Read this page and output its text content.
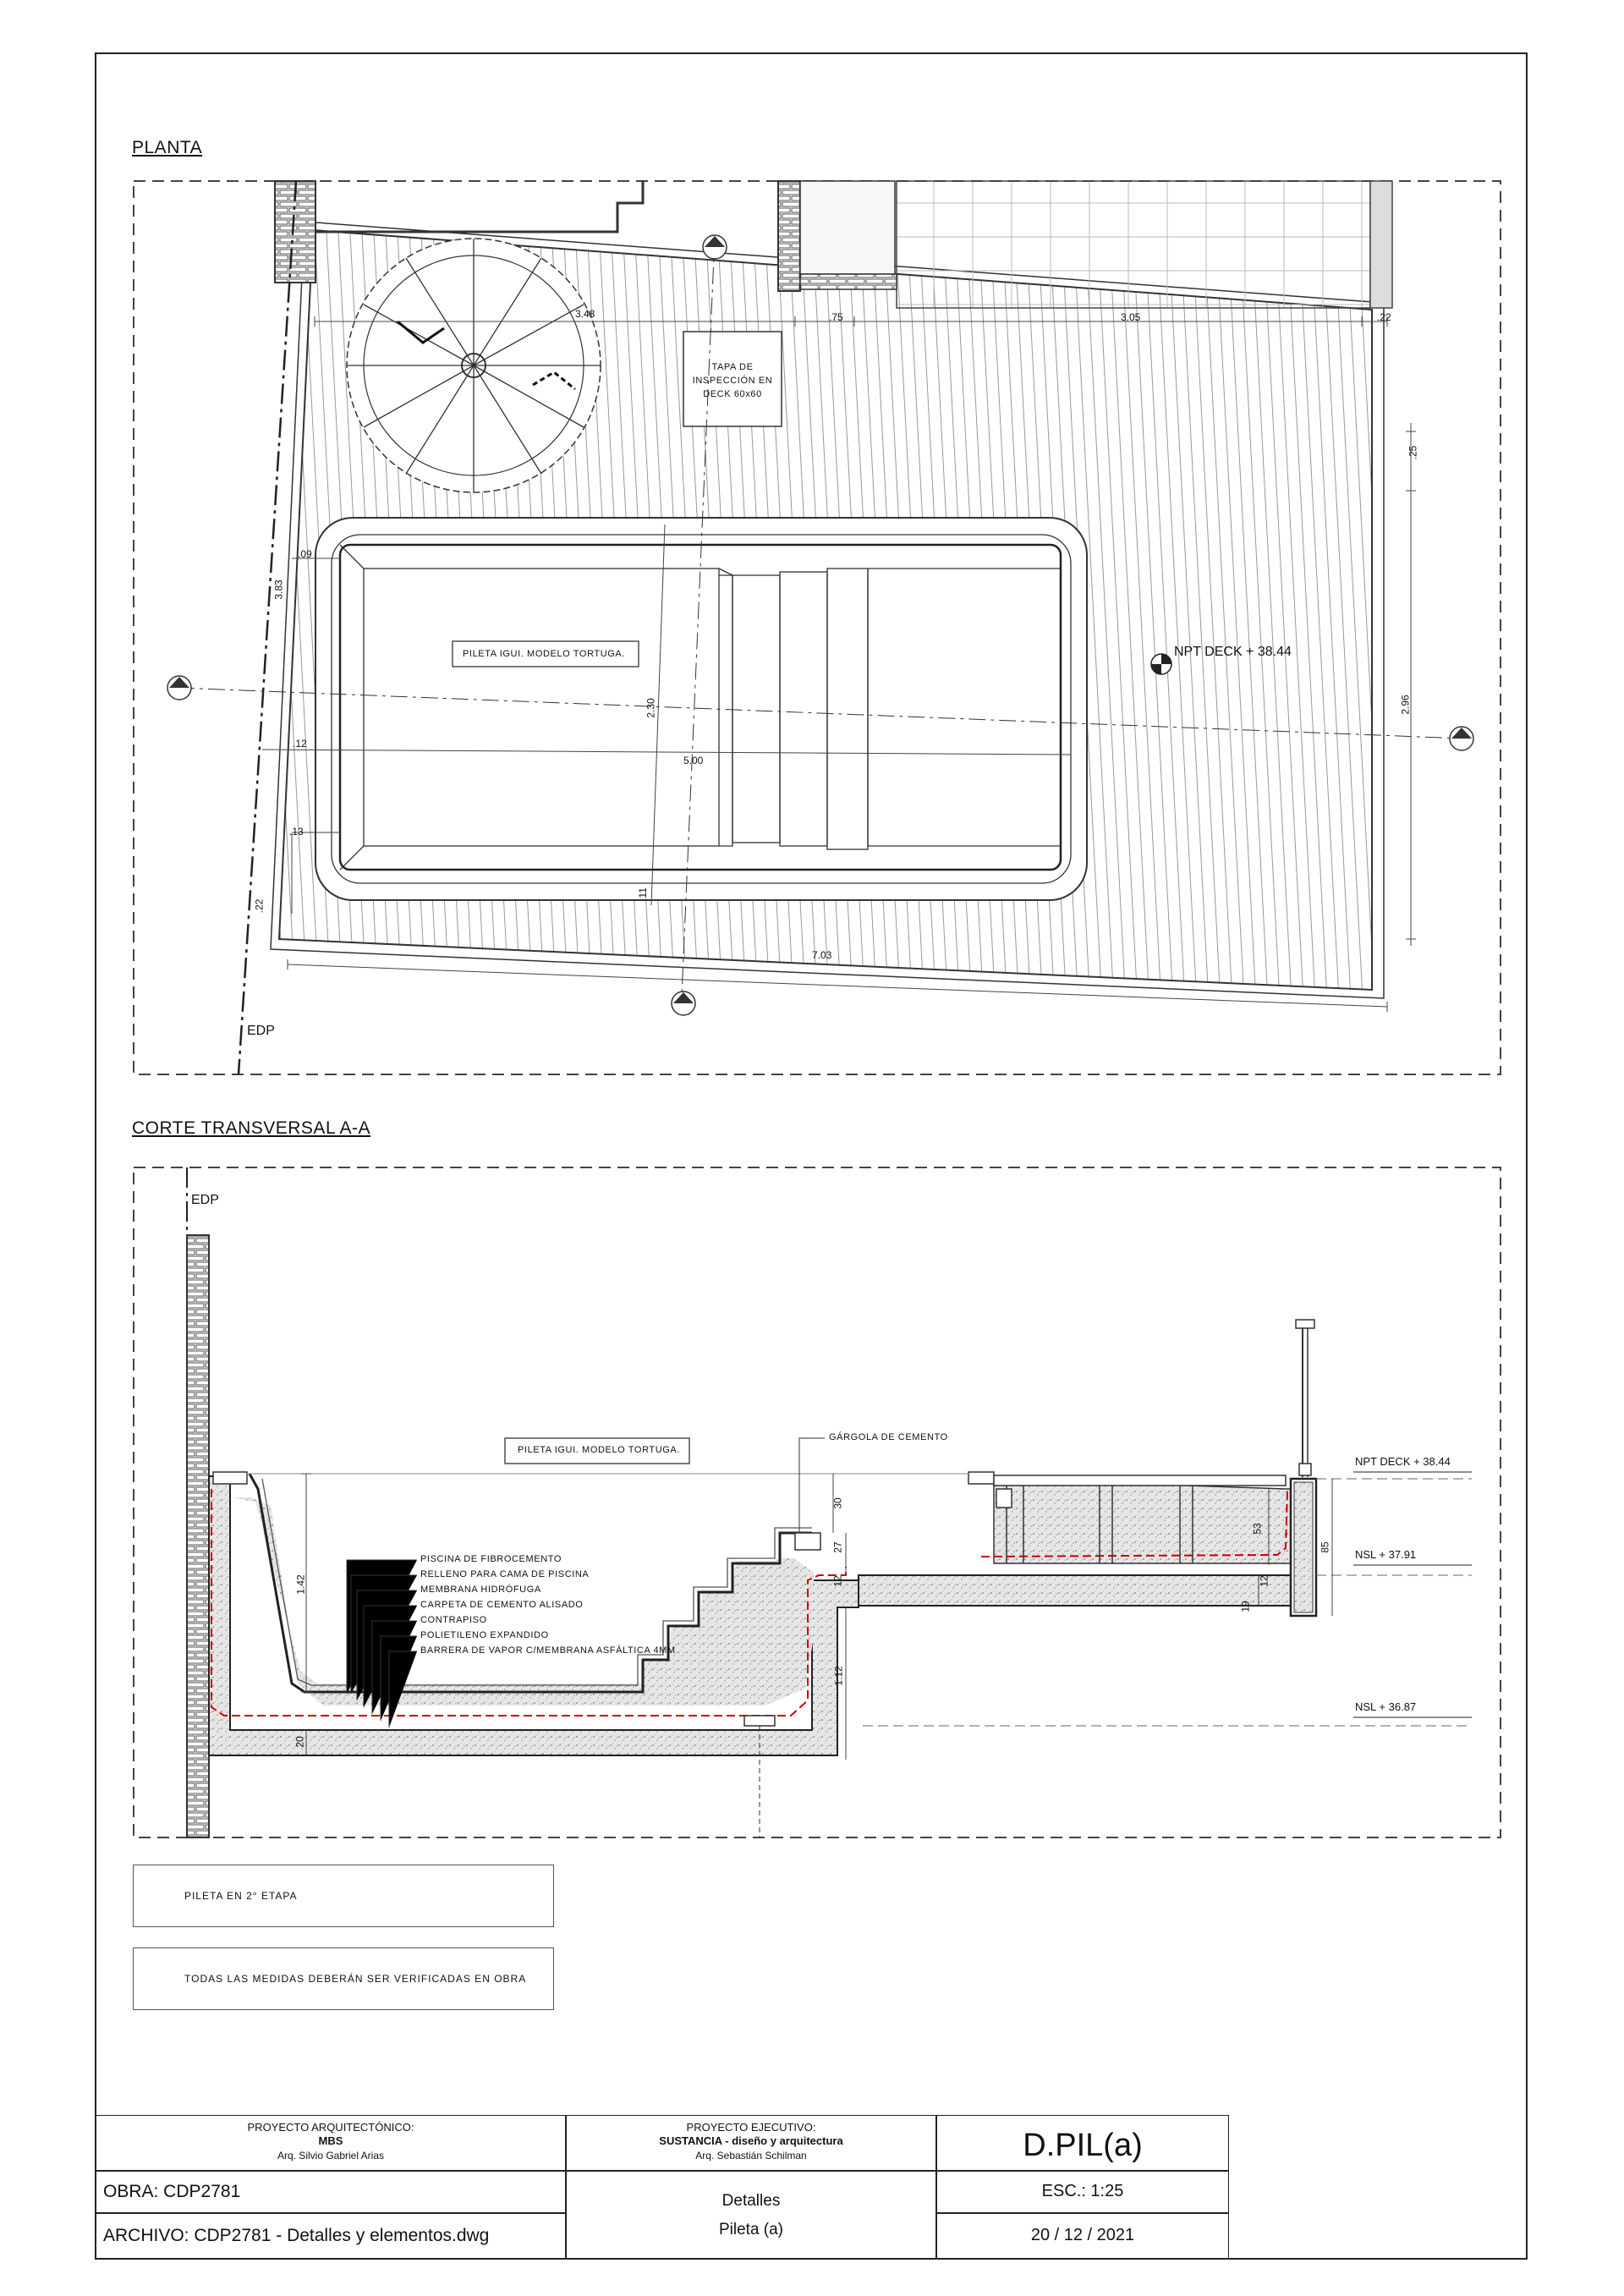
PLANTA
PILETA IGUI. MODELO TORTUGA.
TAPA DE
INSPECCIÓN EN
DECK 60x60
NPT DECK + 38.44
EDP
3.48	.75	3.05	.22
.25
.09
3.83
2.30	2.96
.12
5.00
.13
.11
.22
7.03
CORTE TRANSVERSAL A-A
EDP
PILETA IGUI. MODELO TORTUGA.
GÁRGOLA DE CEMENTO
PISCINA DE FIBROCEMENTO
RELLENO PARA CAMA DE PISCINA
MEMBRANA HIDRÓFUGA
CARPETA DE CEMENTO ALISADO
CONTRAPISO
POLIETILENO EXPANDIDO
BARRERA DE VAPOR C/MEMBRANA ASFÁLTICA 4MM
NPT DECK + 38.44
NSL + 37.91
NSL + 36.87
1.42
30
27
12
1.12
20
53
85
19
12
PILETA EN 2° ETAPA
TODAS LAS MEDIDAS DEBERÁN SER VERIFICADAS EN OBRA
PROYECTO ARQUITECTÓNICO:
MBS
Arq. Silvio Gabriel Arias
PROYECTO EJECUTIVO:
SUSTANCIA - diseño y arquitectura
Arq. Sebastián Schilman	D.PIL(a)
OBRA: CDP2781
ARCHIVO: CDP2781 - Detalles y elementos.dwg
Detalles
Pileta (a)
ESC.: 1:25
20 / 12 / 2021
